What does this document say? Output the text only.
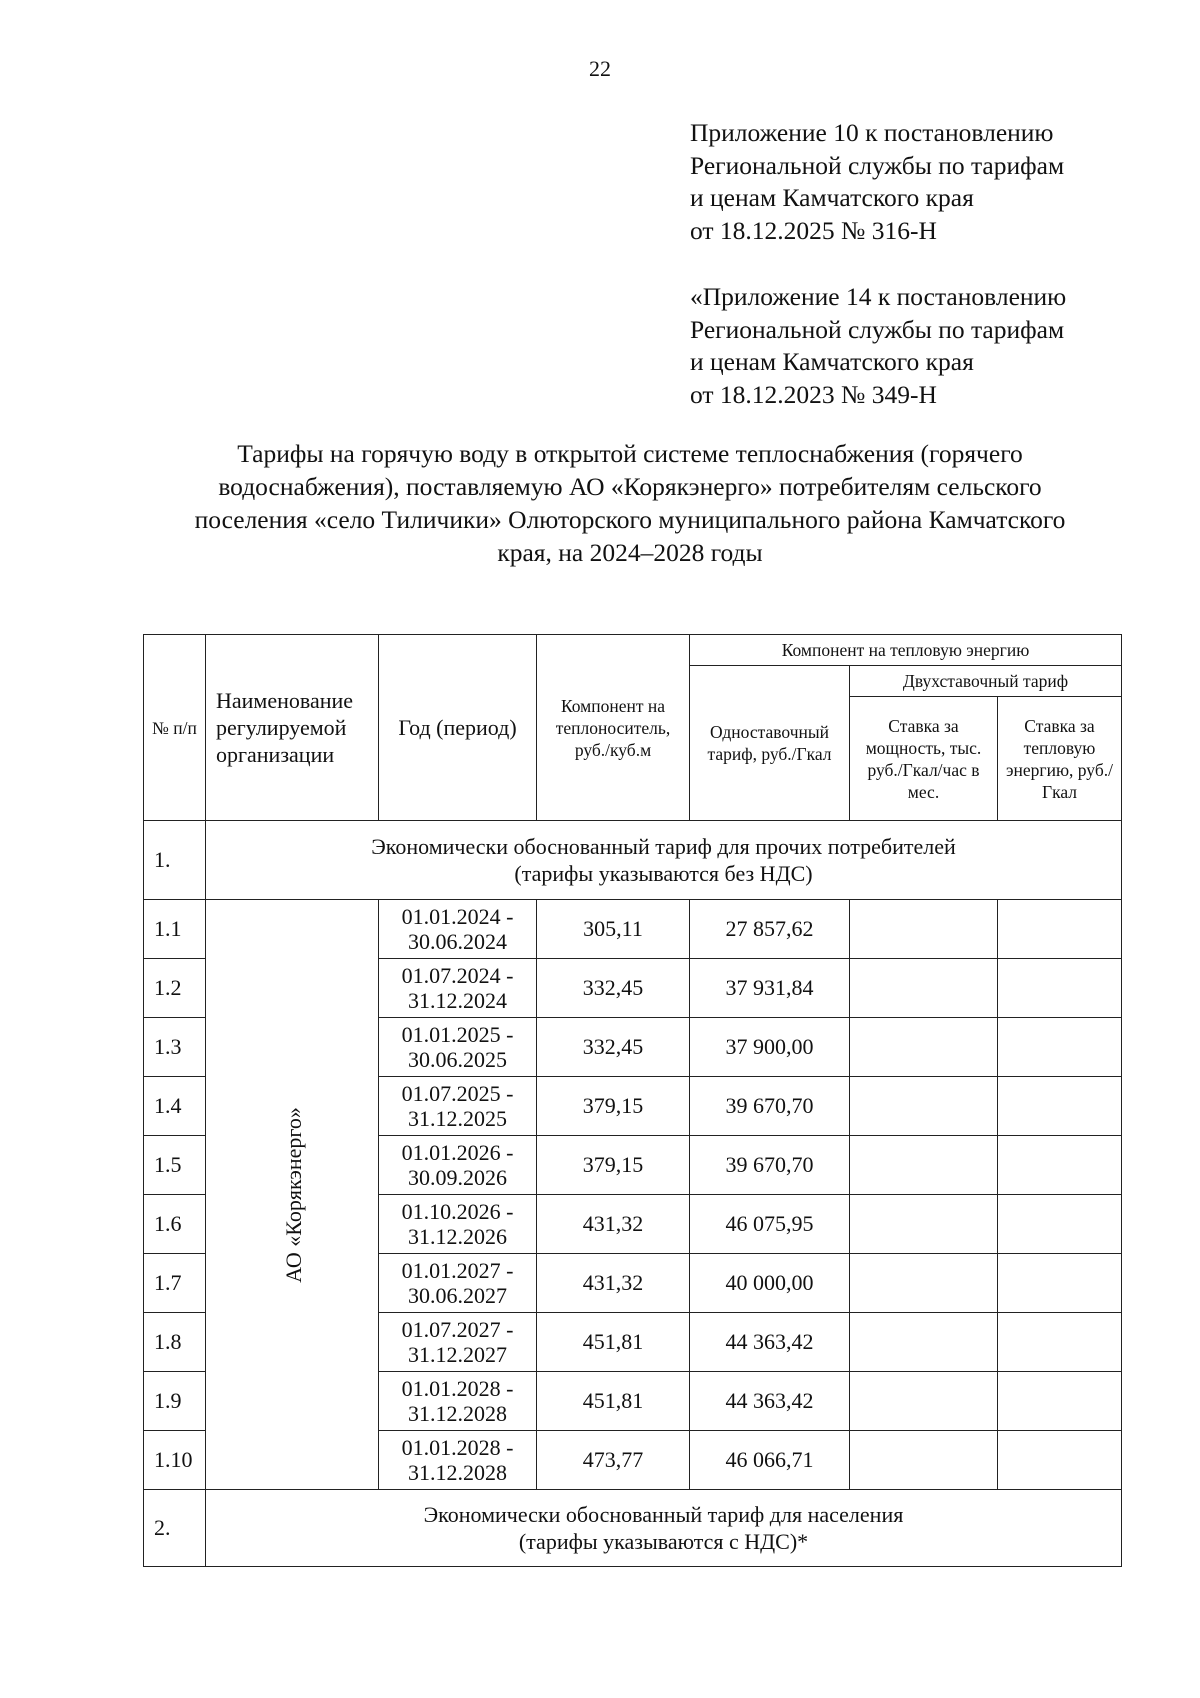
22
Приложение 10 к постановлению
Региональной службы по тарифам
и ценам Камчатского края
от 18.12.2025 № 316-Н
«Приложение 14 к постановлению
Региональной службы по тарифам
и ценам Камчатского края
от 18.12.2023 № 349-Н
Тарифы на горячую воду в открытой системе теплоснабжения (горячего
водоснабжения), поставляемую АО «Корякэнерго» потребителям сельского
поселения «село Тиличики» Олюторского муниципального района Камчатского
края, на 2024–2028 годы
№ п/п	Наименование регулируемой организации	Год (период)	Компонент на теплоноситель, руб./куб.м	Компонент на тепловую энергию		
				Одноставочный тариф, руб./Гкал	Двухставочный тариф	
					Ставка за мощность, тыс. руб./Гкал/час в мес.	Ставка за тепловую энергию, руб./Гкал
1.	Экономически обоснованный тариф для прочих потребителей
(тарифы указываются без НДС)					

1.1	АО «Корякэнерго»	01.01.2024 -
30.06.2024	305,11	27 857,62		
1.2		01.07.2024 -
31.12.2024	332,45	37 931,84		
1.3		01.01.2025 -
30.06.2025	332,45	37 900,00		
1.4		01.07.2025 -
31.12.2025	379,15	39 670,70		
1.5		01.01.2026 -
30.09.2026	379,15	39 670,70		
1.6		01.10.2026 -
31.12.2026	431,32	46 075,95		
1.7		01.01.2027 -
30.06.2027	431,32	40 000,00		
1.8		01.07.2027 -
31.12.2027	451,81	44 363,42		
1.9		01.01.2028 -
31.12.2028	451,81	44 363,42		
1.10		01.01.2028 -
31.12.2028	473,77	46 066,71		
2.	Экономически обоснованный тариф для населения
(тарифы указываются с НДС)*					
